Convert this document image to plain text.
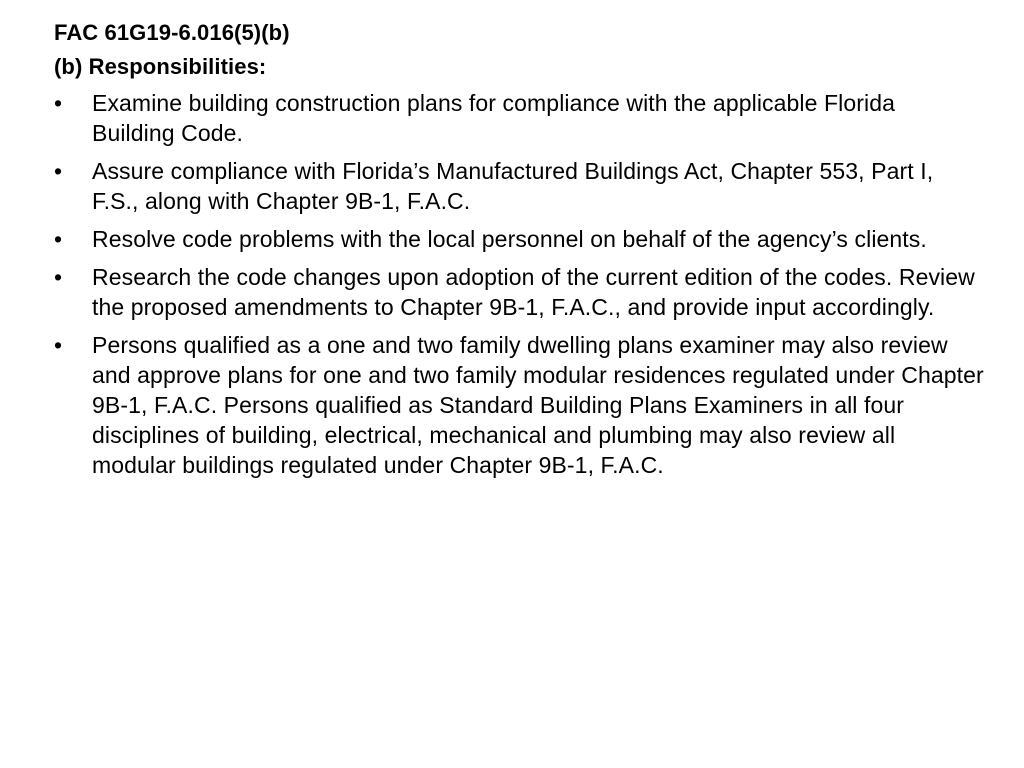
FAC 61G19-6.016(5)(b)

(b) Responsibilities:

•	Examine building construction plans for compliance with the applicable Florida Building Code.
•	Assure compliance with Florida’s Manufactured Buildings Act, Chapter 553, Part I, F.S., along with Chapter 9B-1, F.A.C.
•	Resolve code problems with the local personnel on behalf of the agency’s clients.
•	Research the code changes upon adoption of the current edition of the codes. Review the proposed amendments to Chapter 9B-1, F.A.C., and provide input accordingly.
•	Persons qualified as a one and two family dwelling plans examiner may also review and approve plans for one and two family modular residences regulated under Chapter 9B-1, F.A.C. Persons qualified as Standard Building Plans Examiners in all four disciplines of building, electrical, mechanical and plumbing may also review all modular buildings regulated under Chapter 9B-1, F.A.C.
